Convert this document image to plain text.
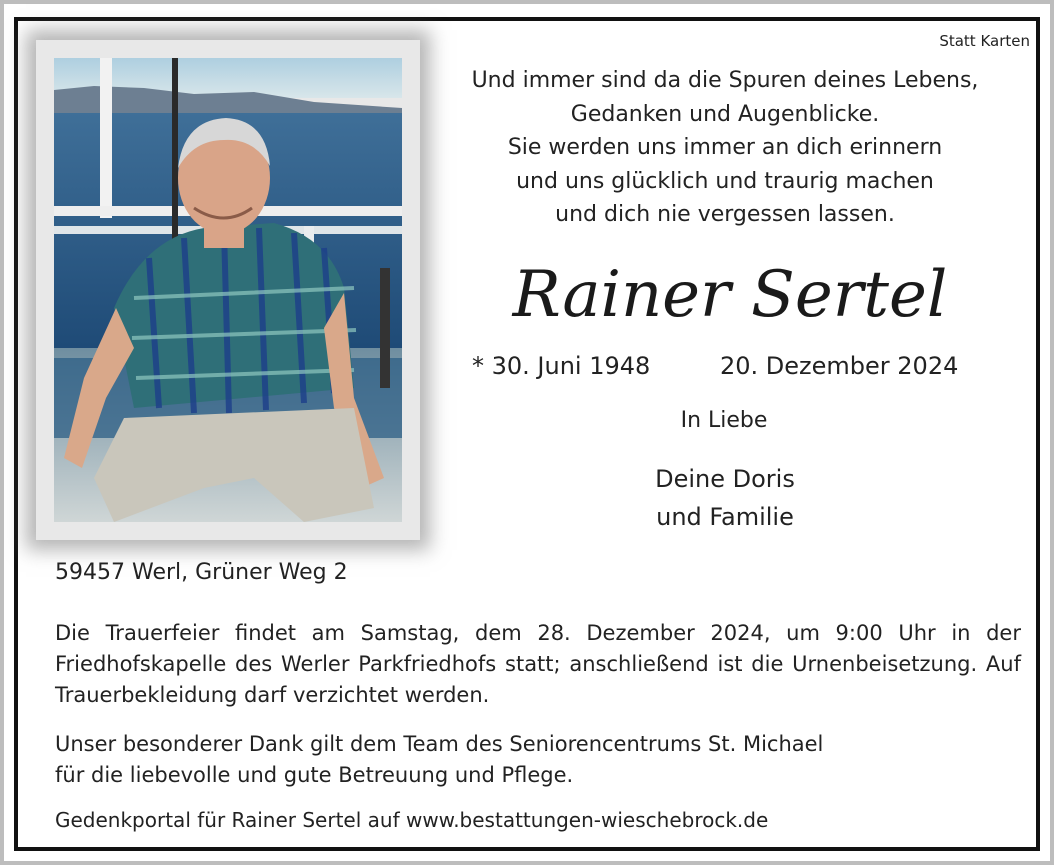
Statt Karten
Und immer sind da die Spuren deines Lebens,
Gedanken und Augenblicke.
Sie werden uns immer an dich erinnern
und uns glücklich und traurig machen
und dich nie vergessen lassen.
Rainer Sertel
* 30. Juni 1948	20. Dezember 2024
In Liebe
Deine Doris
und Familie
59457 Werl, Grüner Weg 2
Die Trauerfeier findet am Samstag, dem 28. Dezember 2024, um 9:00 Uhr in der Friedhofskapelle des Werler Parkfriedhofs statt; anschließend ist die Urnenbeisetzung. Auf Trauerbekleidung darf verzichtet werden.
Unser besonderer Dank gilt dem Team des Seniorencentrums St. Michael
für die liebevolle und gute Betreuung und Pflege.
Gedenkportal für Rainer Sertel auf www.bestattungen-wieschebrock.de
